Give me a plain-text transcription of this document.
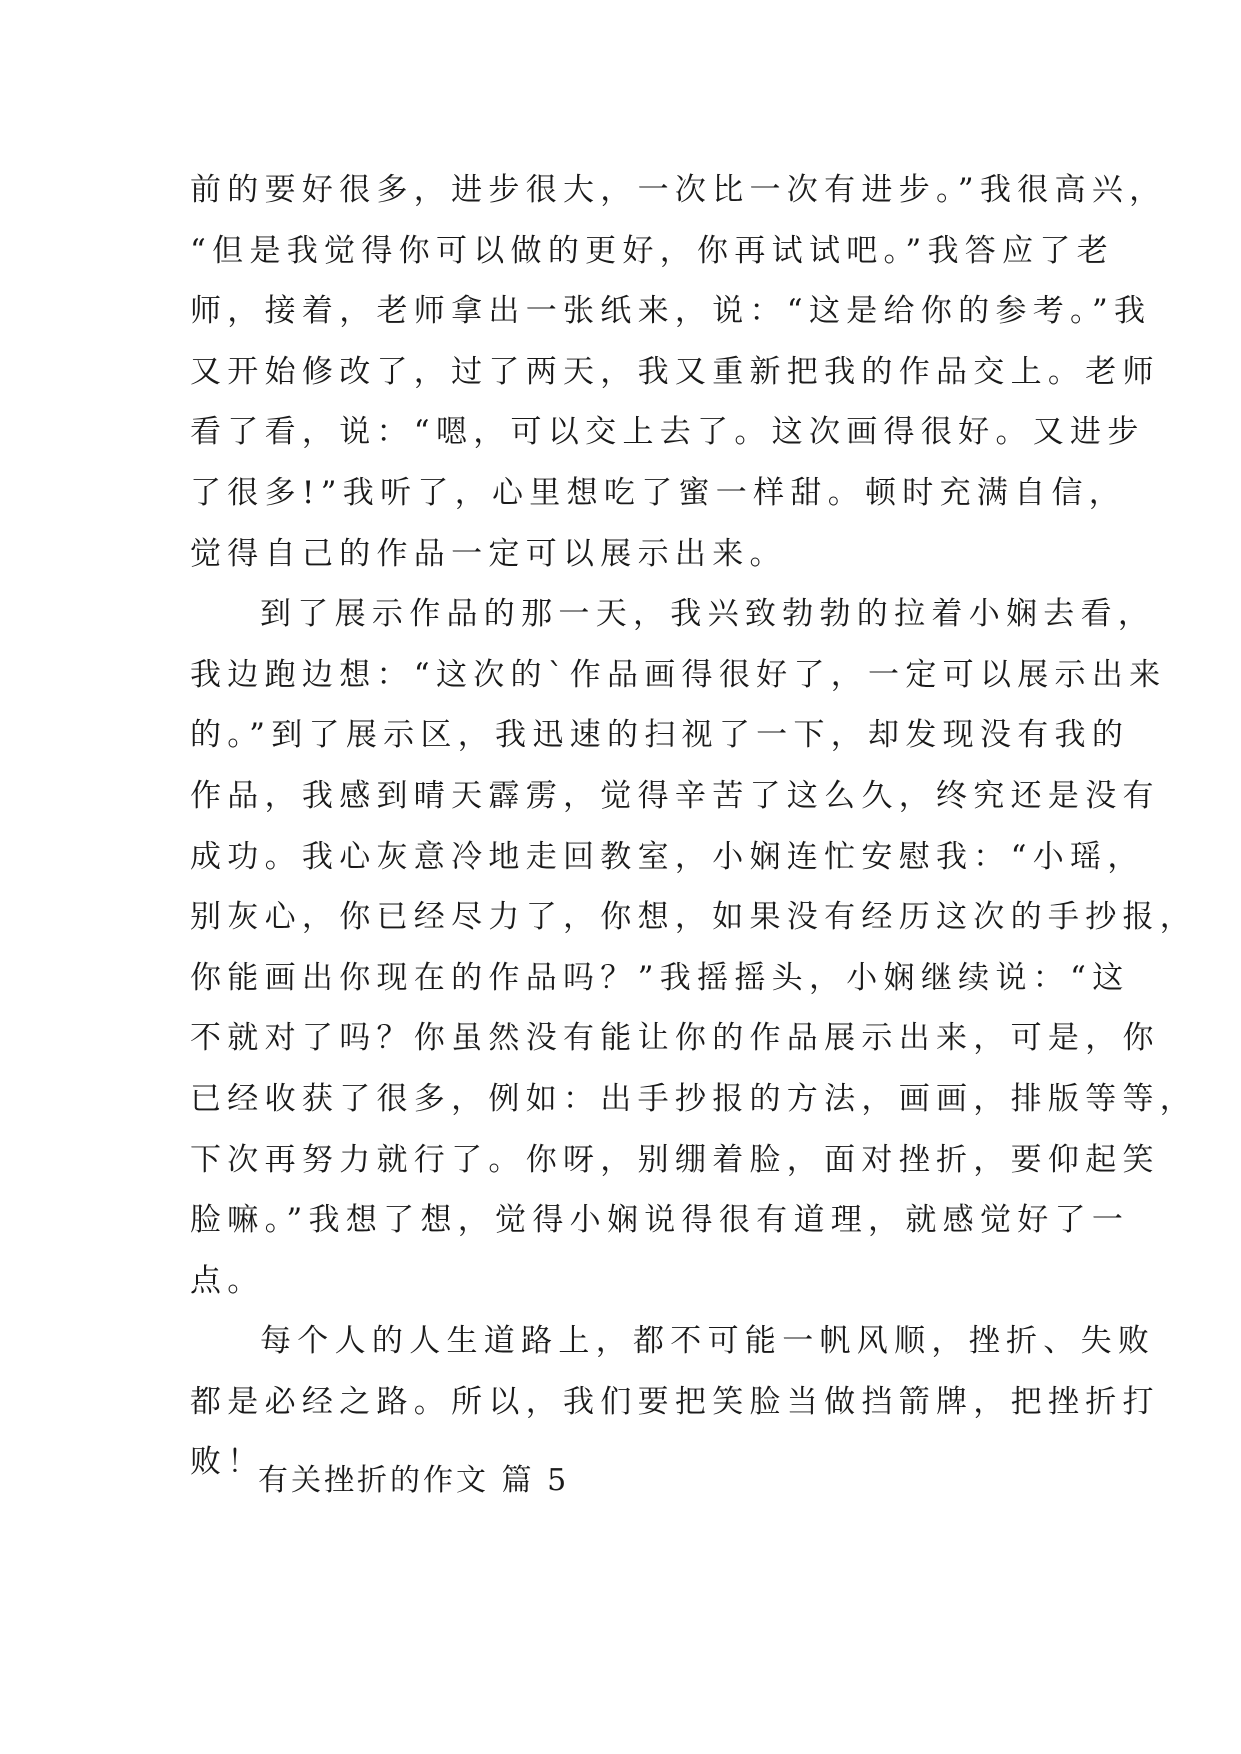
前的要好很多，进步很大，一次比一次有进步。”我很高兴，
“但是我觉得你可以做的更好，你再试试吧。”我答应了老
师，接着，老师拿出一张纸来，说：“这是给你的参考。”我
又开始修改了，过了两天，我又重新把我的作品交上。老师
看了看，说：“嗯，可以交上去了。这次画得很好。又进步
了很多!”我听了，心里想吃了蜜一样甜。顿时充满自信，
觉得自己的作品一定可以展示出来。
到了展示作品的那一天，我兴致勃勃的拉着小娴去看，
我边跑边想：“这次的`作品画得很好了，一定可以展示出来
的。”到了展示区，我迅速的扫视了一下，却发现没有我的
作品，我感到晴天霹雳，觉得辛苦了这么久，终究还是没有
成功。我心灰意冷地走回教室，小娴连忙安慰我：“小瑶，
别灰心，你已经尽力了，你想，如果没有经历这次的手抄报，
你能画出你现在的作品吗？”我摇摇头，小娴继续说：“这
不就对了吗？你虽然没有能让你的作品展示出来，可是，你
已经收获了很多，例如：出手抄报的方法，画画，排版等等，
下次再努力就行了。你呀，别绷着脸，面对挫折，要仰起笑
脸嘛。”我想了想，觉得小娴说得很有道理，就感觉好了一
点。
每个人的人生道路上，都不可能一帆风顺，挫折、失败
都是必经之路。所以，我们要把笑脸当做挡箭牌，把挫折打
败！
有关挫折的作文 篇 5
